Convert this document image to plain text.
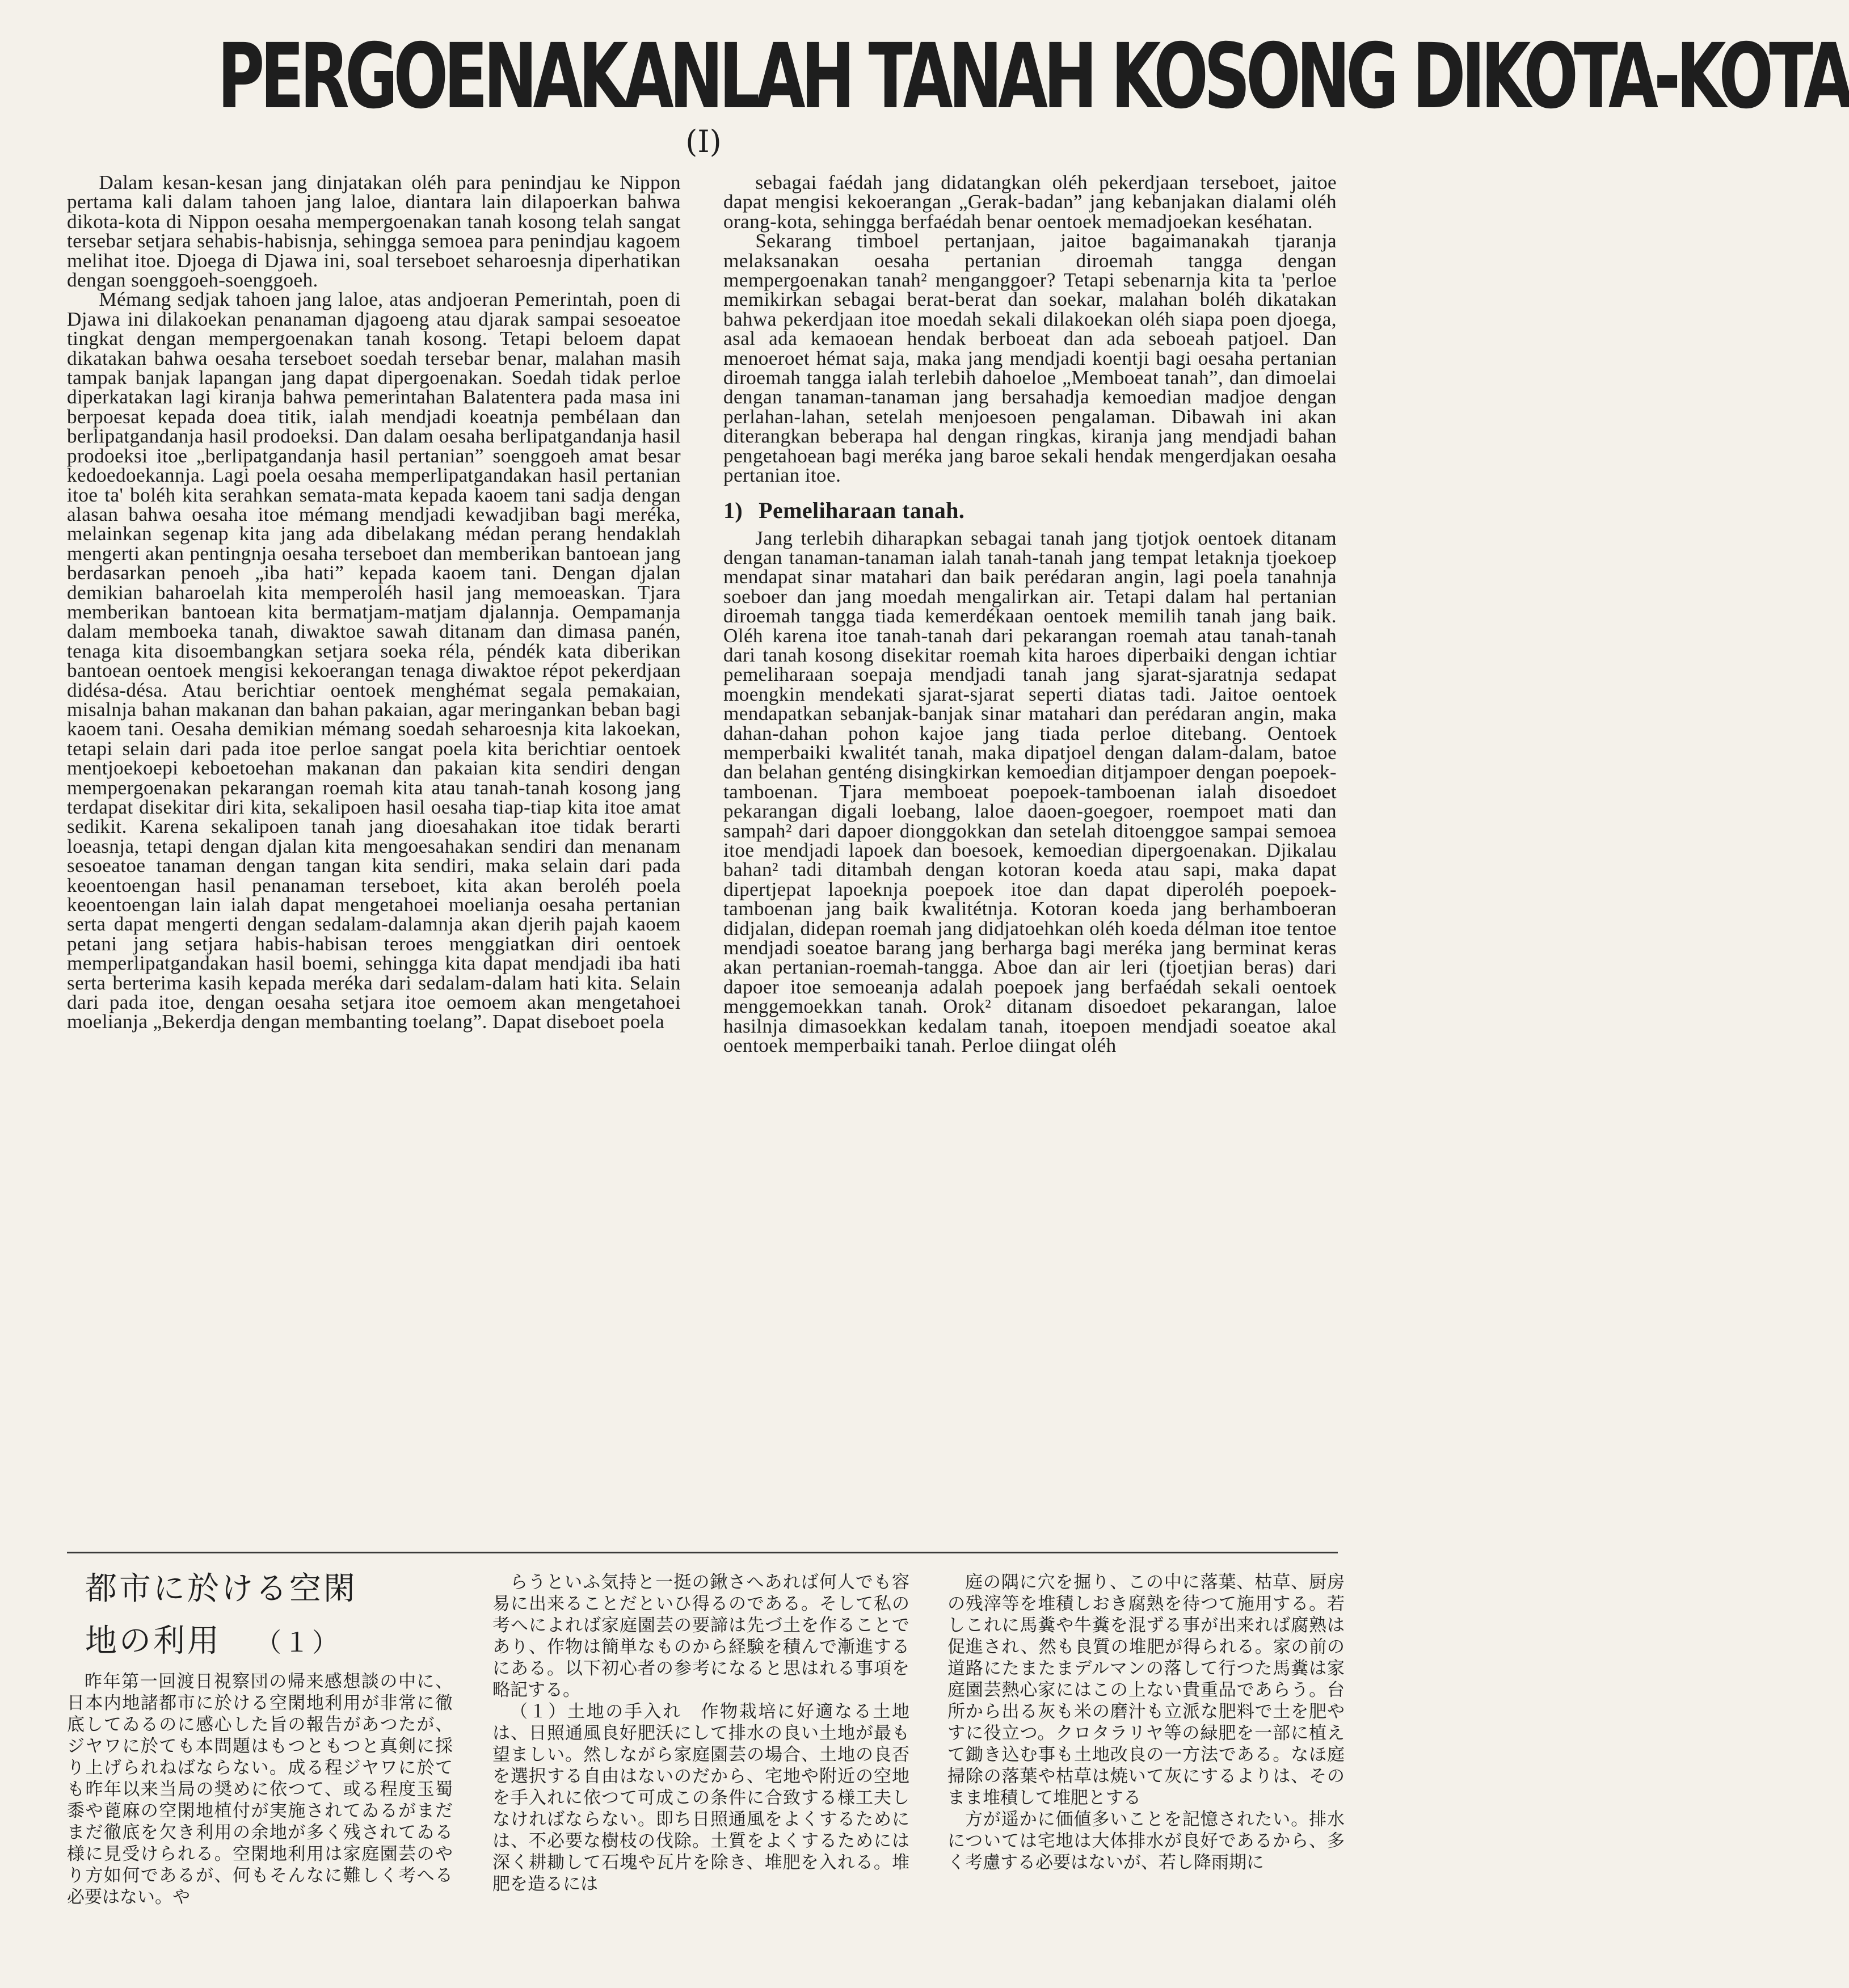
PERGOENAKANLAH TANAH KOSONG DIKOTA-KOTA
(I)

Dalam kesan-kesan jang dinjatakan oléh para penindjau ke Nippon pertama kali dalam tahoen jang laloe, diantara lain dilapoerkan bahwa dikota-kota di Nippon oesaha mempergoenakan tanah kosong telah sangat tersebar setjara sehabis-habisnja, sehingga semoea para penindjau kagoem melihat itoe. Djoega di Djawa ini, soal terseboet seharoesnja diperhatikan dengan soenggoeh-soenggoeh.

Mémang sedjak tahoen jang laloe, atas andjoeran Pemerintah, poen di Djawa ini dilakoekan penanaman djagoeng atau djarak sampai sesoeatoe tingkat dengan mempergoenakan tanah kosong. Tetapi beloem dapat dikatakan bahwa oesaha terseboet soedah tersebar benar, malahan masih tampak banjak lapangan jang dapat dipergoenakan. Soedah tidak perloe diperkatakan lagi kiranja bahwa pemerintahan Balatentera pada masa ini berpoesat kepada doea titik, ialah mendjadi koeatnja pembélaan dan berlipatgandanja hasil prodoeksi. Dan dalam oesaha berlipatgandanja hasil prodoeksi itoe „berlipatgandanja hasil pertanian” soenggoeh amat besar kedoedoekannja. Lagi poela oesaha memperlipatgandakan hasil pertanian itoe ta' boléh kita serahkan semata-mata kepada kaoem tani sadja dengan alasan bahwa oesaha itoe mémang mendjadi kewadjiban bagi meréka, melainkan segenap kita jang ada dibelakang médan perang hendaklah mengerti akan pentingnja oesaha terseboet dan memberikan bantoean jang berdasarkan penoeh „iba hati” kepada kaoem tani. Dengan djalan demikian baharoelah kita memperoléh hasil jang memoeaskan. Tjara memberikan bantoean kita bermatjam-matjam djalannja. Oempamanja dalam memboeka tanah, diwaktoe sawah ditanam dan dimasa panén, tenaga kita disoembangkan setjara soeka réla, péndék kata diberikan bantoean oentoek mengisi kekoerangan tenaga diwaktoe répot pekerdjaan didésa-désa. Atau berichtiar oentoek menghémat segala pemakaian, misalnja bahan makanan dan bahan pakaian, agar meringankan beban bagi kaoem tani. Oesaha demikian mémang soedah seharoesnja kita lakoekan, tetapi selain dari pada itoe perloe sangat poela kita berichtiar oentoek mentjoekoepi keboetoehan makanan dan pakaian kita sendiri dengan mempergoenakan pekarangan roemah kita atau tanah-tanah kosong jang terdapat disekitar diri kita, sekalipoen hasil oesaha tiap-tiap kita itoe amat sedikit. Karena sekalipoen tanah jang dioesahakan itoe tidak berarti loeasnja, tetapi dengan djalan kita mengoesahakan sendiri dan menanam sesoeatoe tanaman dengan tangan kita sendiri, maka selain dari pada keoentoengan hasil penanaman terseboet, kita akan beroléh poela keoentoengan lain ialah dapat mengetahoei moelianja oesaha pertanian serta dapat mengerti dengan sedalam-dalamnja akan djerih pajah kaoem petani jang setjara habis-habisan teroes menggiatkan diri oentoek memperlipatgandakan hasil boemi, sehingga kita dapat mendjadi iba hati serta berterima kasih kepada meréka dari sedalam-dalam hati kita. Selain dari pada itoe, dengan oesaha setjara itoe oemoem akan mengetahoei moelianja „Bekerdja dengan membanting toelang”. Dapat diseboet poela

sebagai faédah jang didatangkan oléh pekerdjaan terseboet, jaitoe dapat mengisi kekoerangan „Gerak-badan” jang kebanjakan dialami oléh orang-kota, sehingga berfaédah benar oentoek memadjoekan keséhatan.

Sekarang timboel pertanjaan, jaitoe bagaimanakah tjaranja melaksanakan oesaha pertanian diroemah tangga dengan mempergoenakan tanah² menganggoer? Tetapi sebenarnja kita ta 'perloe memikirkan sebagai berat-berat dan soekar, malahan boléh dikatakan bahwa pekerdjaan itoe moedah sekali dilakoekan oléh siapa poen djoega, asal ada kemaoean hendak berboeat dan ada seboeah patjoel. Dan menoeroet hémat saja, maka jang mendjadi koentji bagi oesaha pertanian diroemah tangga ialah terlebih dahoeloe „Memboeat tanah”, dan dimoelai dengan tanaman-tanaman jang bersahadja kemoedian madjoe dengan perlahan-lahan, setelah menjoesoen pengalaman. Dibawah ini akan diterangkan beberapa hal dengan ringkas, kiranja jang mendjadi bahan pengetahoean bagi meréka jang baroe sekali hendak mengerdjakan oesaha pertanian itoe.

1) Pemeliharaan tanah.

Jang terlebih diharapkan sebagai tanah jang tjotjok oentoek ditanam dengan tanaman-tanaman ialah tanah-tanah jang tempat letaknja tjoekoep mendapat sinar matahari dan baik perédaran angin, lagi poela tanahnja soeboer dan jang moedah mengalirkan air. Tetapi dalam hal pertanian diroemah tangga tiada kemerdékaan oentoek memilih tanah jang baik. Oléh karena itoe tanah-tanah dari pekarangan roemah atau tanah-tanah dari tanah kosong disekitar roemah kita haroes diperbaiki dengan ichtiar pemeliharaan soepaja mendjadi tanah jang sjarat-sjaratnja sedapat moengkin mendekati sjarat-sjarat seperti diatas tadi. Jaitoe oentoek mendapatkan sebanjak-banjak sinar matahari dan perédaran angin, maka dahan-dahan pohon kajoe jang tiada perloe ditebang. Oentoek memperbaiki kwalitét tanah, maka dipatjoel dengan dalam-dalam, batoe dan belahan genténg disingkirkan kemoedian ditjampoer dengan poepoek-tamboenan. Tjara memboeat poepoek-tamboenan ialah disoedoet pekarangan digali loebang, laloe daoen-goegoer, roempoet mati dan sampah² dari dapoer dionggokkan dan setelah ditoenggoe sampai semoea itoe mendjadi lapoek dan boesoek, kemoedian dipergoenakan. Djikalau bahan² tadi ditambah dengan kotoran koeda atau sapi, maka dapat dipertjepat lapoeknja poepoek itoe dan dapat diperoléh poepoek-tamboenan jang baik kwalitétnja. Kotoran koeda jang berhamboeran didjalan, didepan roemah jang didjatoehkan oléh koeda délman itoe tentoe mendjadi soeatoe barang jang berharga bagi meréka jang berminat keras akan pertanian-roemah-tangga. Aboe dan air leri (tjoetjian beras) dari dapoer itoe semoeanja adalah poepoek jang berfaédah sekali oentoek menggemoekkan tanah. Orok² ditanam disoedoet pekarangan, laloe hasilnja dimasoekkan kedalam tanah, itoepoen mendjadi soeatoe akal oentoek memperbaiki tanah. Perloe diingat oléh

都市に於ける空閑
地の利用 （１）

昨年第一回渡日視察団の帰来感想談の中に、日本内地諸都市に於ける空閑地利用が非常に徹底してゐるのに感心した旨の報告があつたが、ジヤワに於ても本問題はもつともつと真剣に採り上げられねばならない。成る程ジヤワに於ても昨年以来当局の奨めに依つて、或る程度玉蜀黍や蓖麻の空閑地植付が実施されてゐるがまだまだ徹底を欠き利用の余地が多く残されてゐる様に見受けられる。空閑地利用は家庭園芸のやり方如何であるが、何もそんなに難しく考へる必要はない。や

らうといふ気持と一挺の鍬さへあれば何人でも容易に出来ることだといひ得るのである。そして私の考へによれば家庭園芸の要諦は先づ土を作ることであり、作物は簡単なものから経験を積んで漸進するにある。以下初心者の参考になると思はれる事項を略記する。

（１）土地の手入れ　作物栽培に好適なる土地は、日照通風良好肥沃にして排水の良い土地が最も望ましい。然しながら家庭園芸の場合、土地の良否を選択する自由はないのだから、宅地や附近の空地を手入れに依つて可成この条件に合致する様工夫しなければならない。即ち日照通風をよくするためには、不必要な樹枝の伐除。土質をよくするためには深く耕耡して石塊や瓦片を除き、堆肥を入れる。堆肥を造るには

庭の隅に穴を掘り、この中に落葉、枯草、厨房の残滓等を堆積しおき腐熟を待つて施用する。若しこれに馬糞や牛糞を混ずる事が出来れば腐熟は促進され、然も良質の堆肥が得られる。家の前の道路にたまたまデルマンの落して行つた馬糞は家庭園芸熱心家にはこの上ない貴重品であらう。台所から出る灰も米の磨汁も立派な肥料で土を肥やすに役立つ。クロタラリヤ等の緑肥を一部に植えて鋤き込む事も土地改良の一方法である。なほ庭掃除の落葉や枯草は焼いて灰にするよりは、そのまま堆積して堆肥とする

方が遥かに価値多いことを記憶されたい。排水については宅地は大体排水が良好であるから、多く考慮する必要はないが、若し降雨期に
